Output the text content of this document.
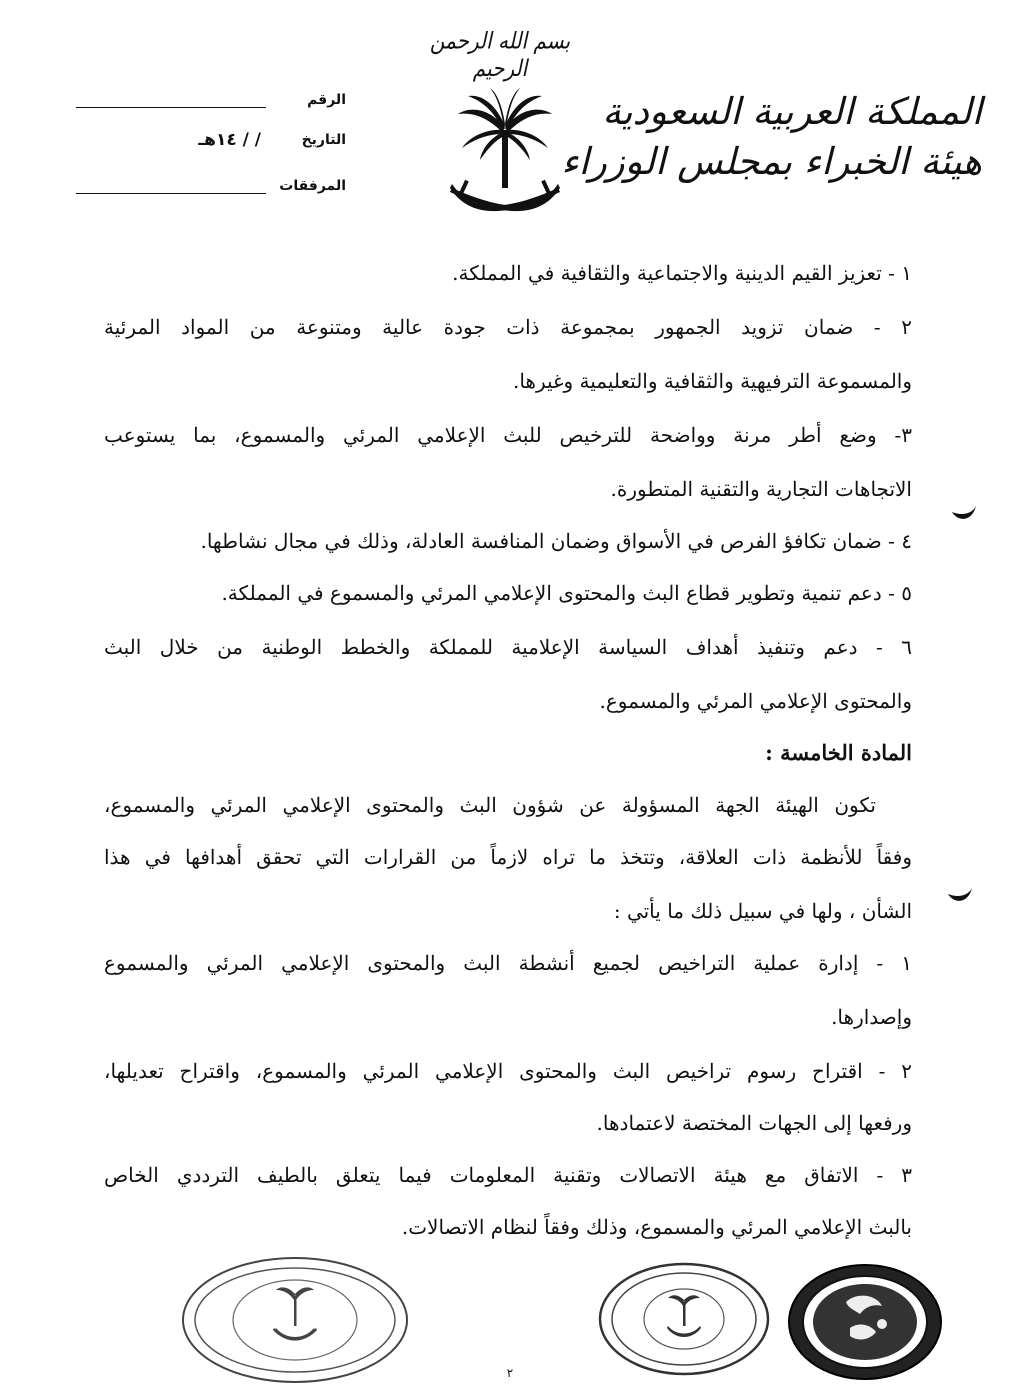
بسم الله الرحمن الرحيم
المملكة العربية السعودية
هيئة الخبراء بمجلس الوزراء
الرقم
التاريخ
/ / ١٤هـ
المرفقات
١ - تعزيز القيم الدينية والاجتماعية والثقافية في المملكة.
٢ - ضمان تزويد الجمهور بمجموعة ذات جودة عالية ومتنوعة من المواد المرئية
والمسموعة الترفيهية والثقافية والتعليمية وغيرها.
٣- وضع أطر مرنة وواضحة للترخيص للبث الإعلامي المرئي والمسموع، بما يستوعب
الاتجاهات التجارية والتقنية المتطورة.
٤ - ضمان تكافؤ الفرص في الأسواق وضمان المنافسة العادلة، وذلك في مجال نشاطها.
٥ - دعم تنمية وتطوير قطاع البث والمحتوى الإعلامي المرئي والمسموع في المملكة.
٦ - دعم وتنفيذ أهداف السياسة الإعلامية للمملكة والخطط الوطنية من خلال البث
والمحتوى الإعلامي المرئي والمسموع.
المادة الخامسة :
تكون الهيئة الجهة المسؤولة عن شؤون البث والمحتوى الإعلامي المرئي والمسموع،
وفقاً للأنظمة ذات العلاقة، وتتخذ ما تراه لازماً من القرارات التي تحقق أهدافها في هذا
الشأن ، ولها في سبيل ذلك ما يأتي :
١ - إدارة عملية التراخيص لجميع أنشطة البث والمحتوى الإعلامي المرئي والمسموع
وإصدارها.
٢ - اقتراح رسوم تراخيص البث والمحتوى الإعلامي المرئي والمسموع، واقتراح تعديلها،
ورفعها إلى الجهات المختصة لاعتمادها.
٣ - الاتفاق مع هيئة الاتصالات وتقنية المعلومات فيما يتعلق بالطيف الترددي الخاص
بالبث الإعلامي المرئي والمسموع، وذلك وفقاً لنظام الاتصالات.
٢
